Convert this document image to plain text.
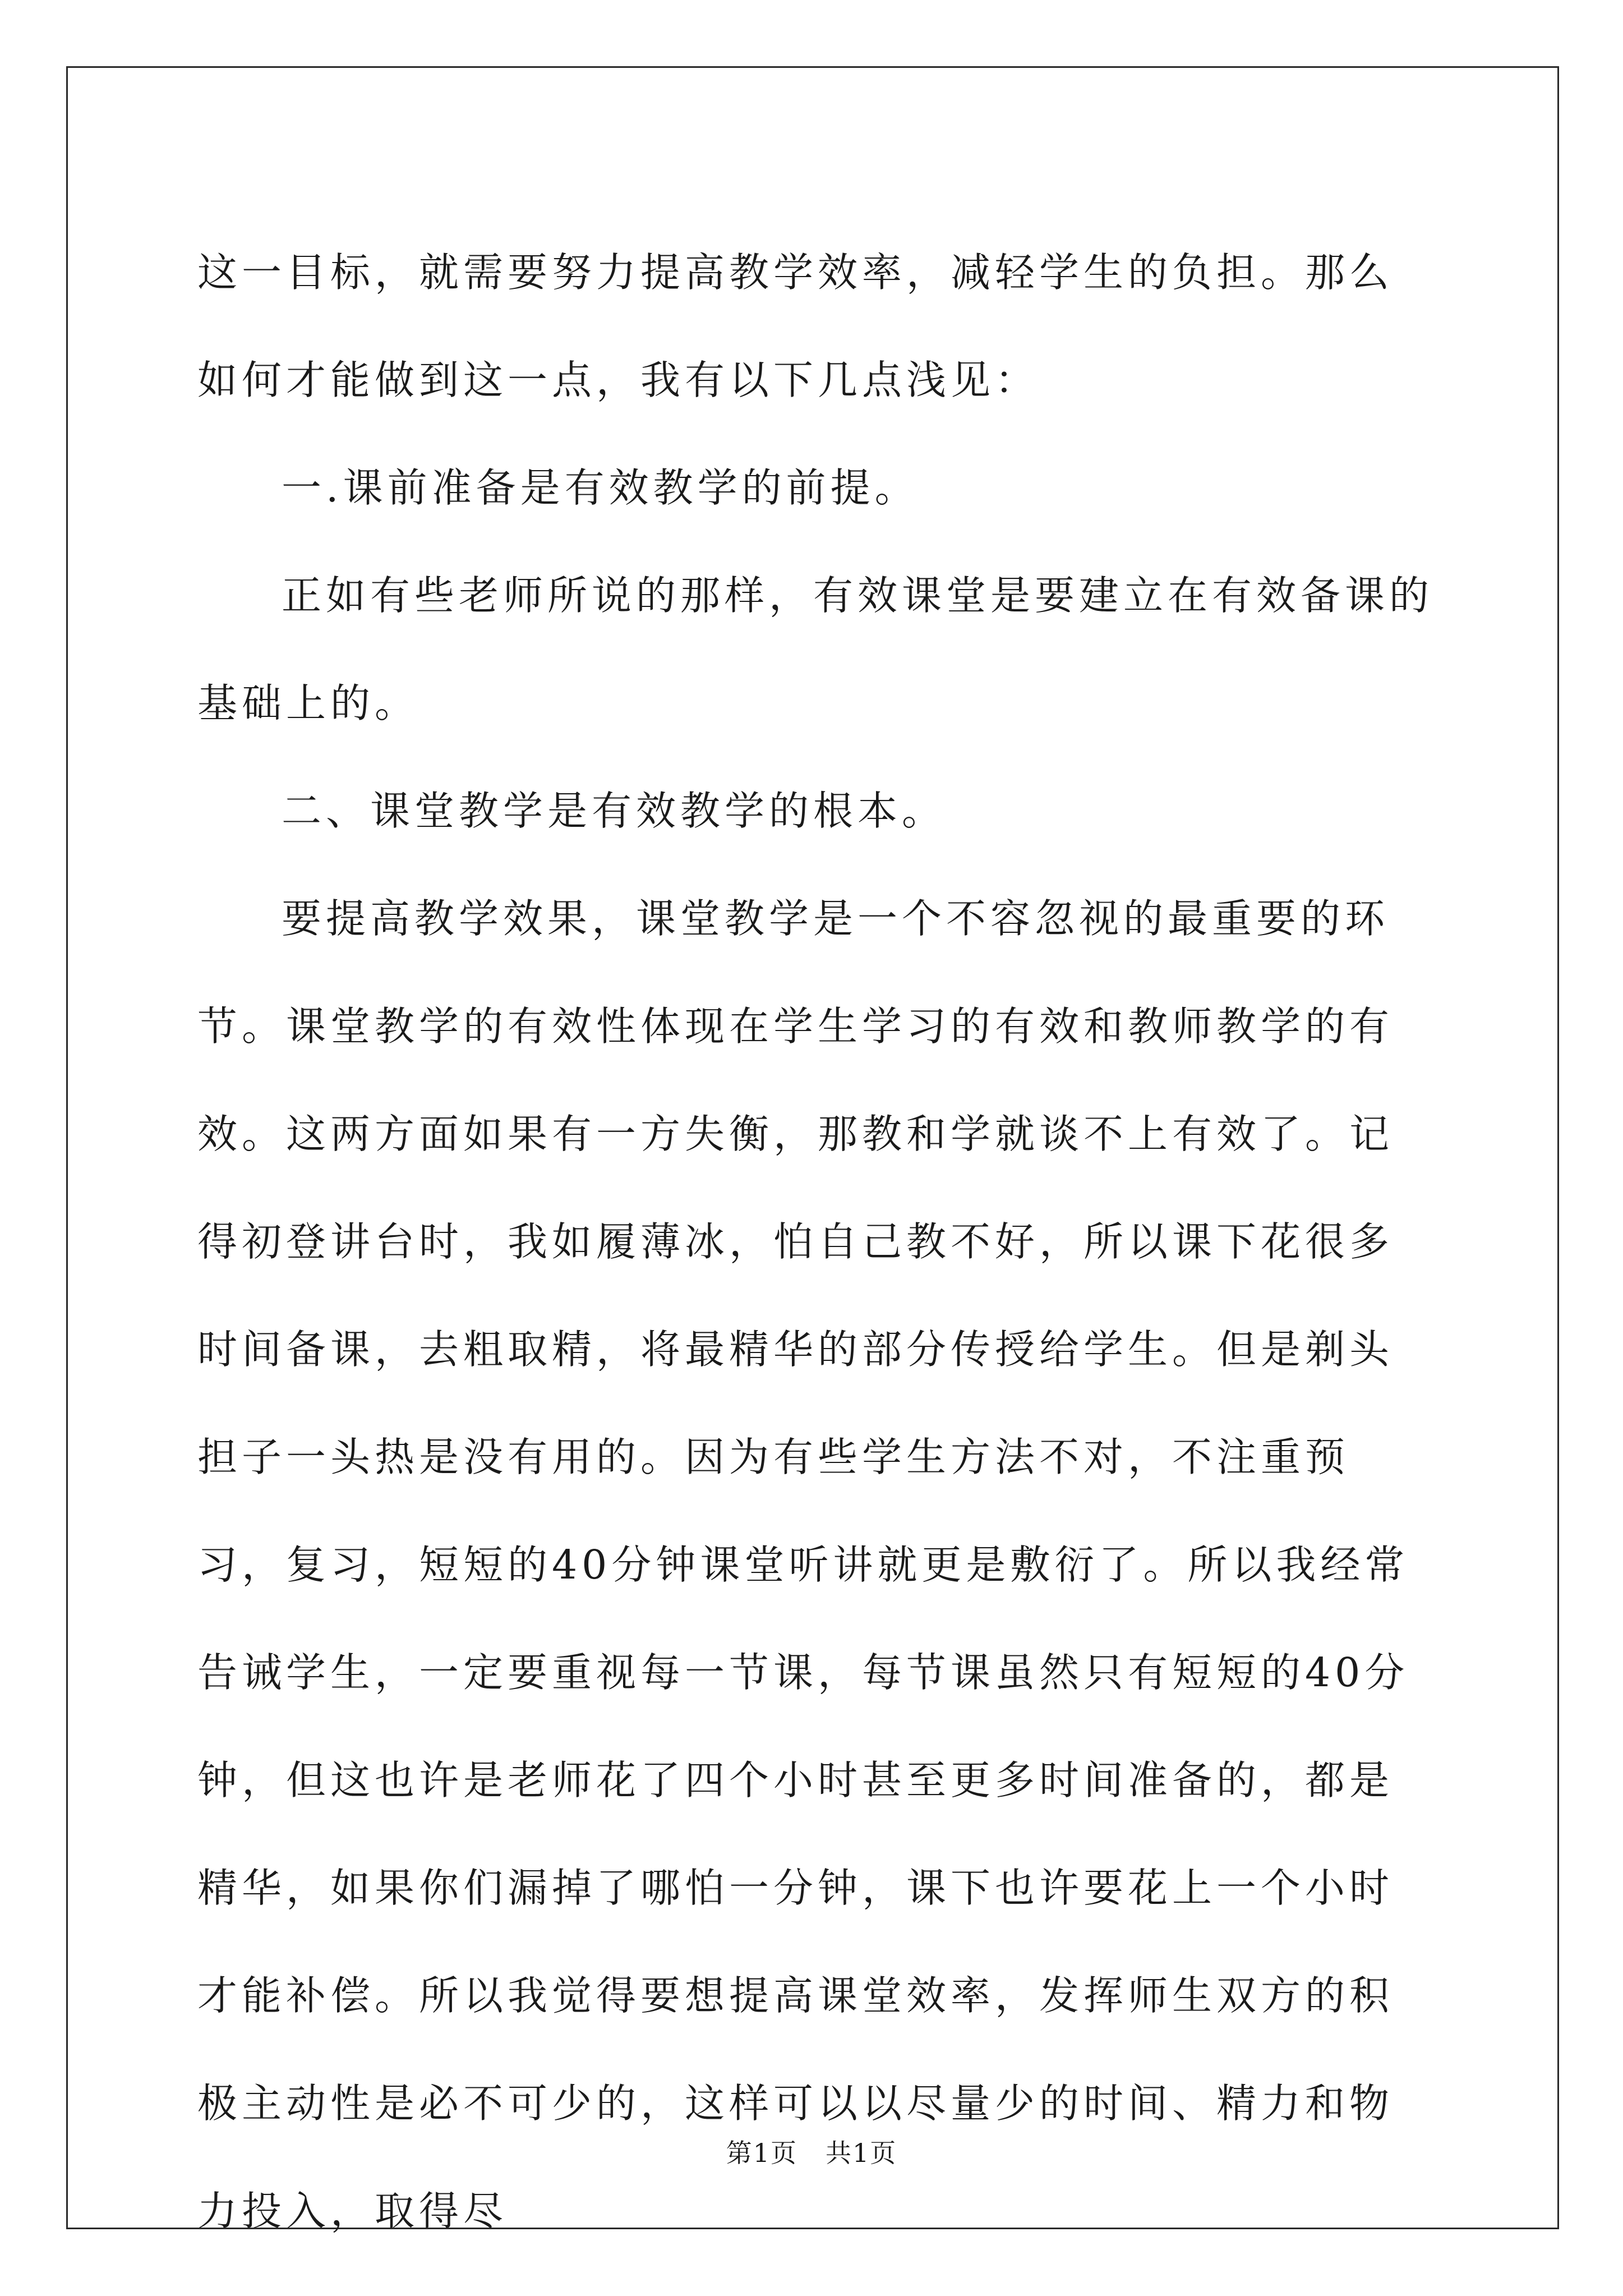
这一目标，就需要努力提高教学效率，减轻学生的负担。那么如何才能做到这一点，我有以下几点浅见：

一.课前准备是有效教学的前提。

正如有些老师所说的那样，有效课堂是要建立在有效备课的基础上的。

二、课堂教学是有效教学的根本。

要提高教学效果，课堂教学是一个不容忽视的最重要的环节。课堂教学的有效性体现在学生学习的有效和教师教学的有效。这两方面如果有一方失衡，那教和学就谈不上有效了。记得初登讲台时，我如履薄冰，怕自己教不好，所以课下花很多时间备课，去粗取精，将最精华的部分传授给学生。但是剃头担子一头热是没有用的。因为有些学生方法不对，不注重预习，复习，短短的40分钟课堂听讲就更是敷衍了。所以我经常告诫学生，一定要重视每一节课，每节课虽然只有短短的40分钟，但这也许是老师花了四个小时甚至更多时间准备的，都是精华，如果你们漏掉了哪怕一分钟，课下也许要花上一个小时才能补偿。所以我觉得要想提高课堂效率，发挥师生双方的积极主动性是必不可少的，这样可以以尽量少的时间、精力和物力投入，取得尽

第1页 共1页
